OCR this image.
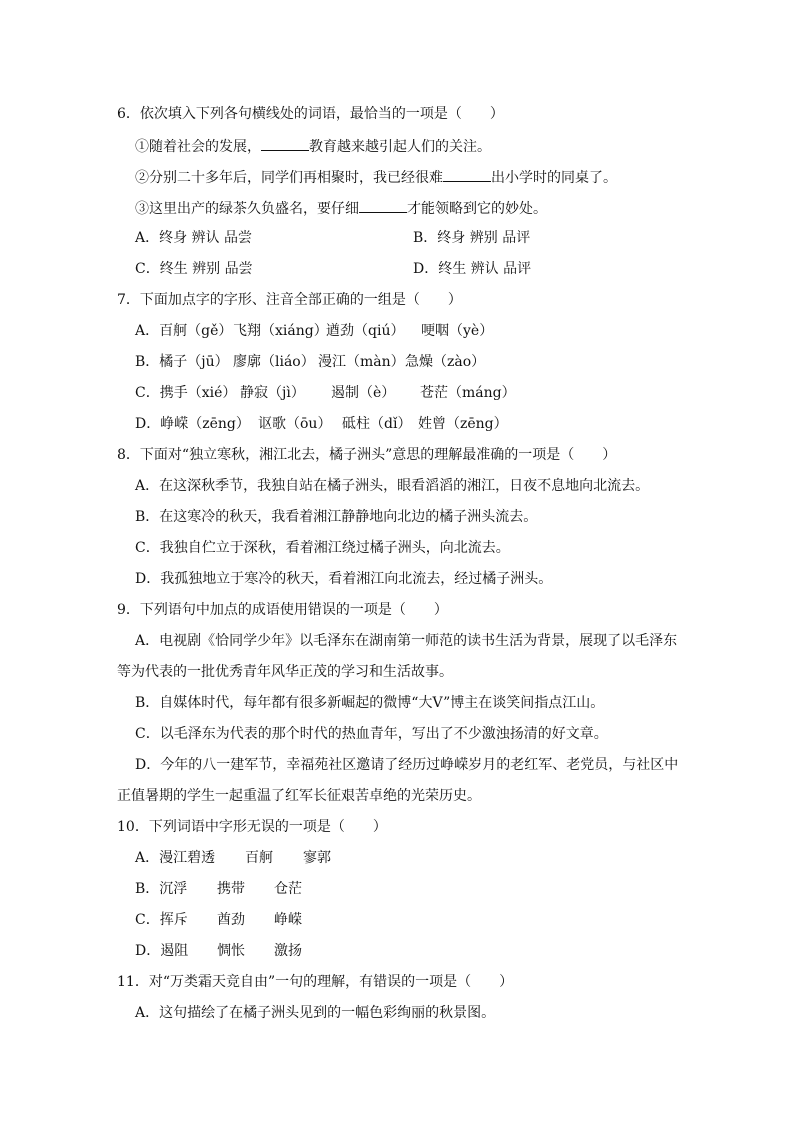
6．依次填入下列各句横线处的词语，最恰当的一项是（　　）
①随着社会的发展，	教育越来越引起人们的关注。
②分别二十多年后，同学们再相聚时，我已经很难	出小学时的同桌了。
③这里出产的绿茶久负盛名，要仔细	才能领略到它的妙处。
A．终身 辨认 品尝	B．终身 辨别 品评
C．终生 辨别 品尝	D．终生 辨认 品评
7．下面加点字的字形、注音全部正确的一组是（　　）
A．百舸（gě） 飞翔（xiáng）
遒劲（qiú） 哽咽（yè）
B．橘子（jū） 廖廓（liáo） 漫江（màn） 急燥（zào）
C．携手（xié） 静寂（jì） 遏制（è） 苍茫（máng）
D．峥嵘（zēng） 讴歌（ōu） 砥柱（dǐ） 姓曾（zēng）
8．下面对“独立寒秋，湘江北去，橘子洲头”意思的理解最准确的一项是（　　）
A．在这深秋季节，我独自站在橘子洲头，眼看滔滔的湘江，日夜不息地向北流去。
B．在这寒冷的秋天，我看着湘江静静地向北边的橘子洲头流去。
C．我独自伫立于深秋，看着湘江绕过橘子洲头，向北流去。
D．我孤独地立于寒冷的秋天，看着湘江向北流去，经过橘子洲头。
9．下列语句中加点的成语使用错误的一项是（　　）
A．电视剧《恰同学少年》以毛泽东在湖南第一师范的读书生活为背景，展现了以毛泽东
等为代表的一批优秀青年风华正茂的学习和生活故事。
B．自媒体时代，每年都有很多新崛起的微博“大V”博主在谈笑间指点江山。
C．以毛泽东为代表的那个时代的热血青年，写出了不少激浊扬清的好文章。
D．今年的八一建军节，幸福苑社区邀请了经历过峥嵘岁月的老红军、老党员，与社区中
正值暑期的学生一起重温了红军长征艰苦卓绝的光荣历史。
10．下列词语中字形无误的一项是（　　）
A．漫江碧透 百舸 寥郭
B．沉浮 携带 仓茫
C．挥斥 酋劲 峥嵘
D．遏阻 惆怅 激扬
11．对“万类霜天竞自由”一句的理解，有错误的一项是（　　）
A．这句描绘了在橘子洲头见到的一幅色彩绚丽的秋景图。
